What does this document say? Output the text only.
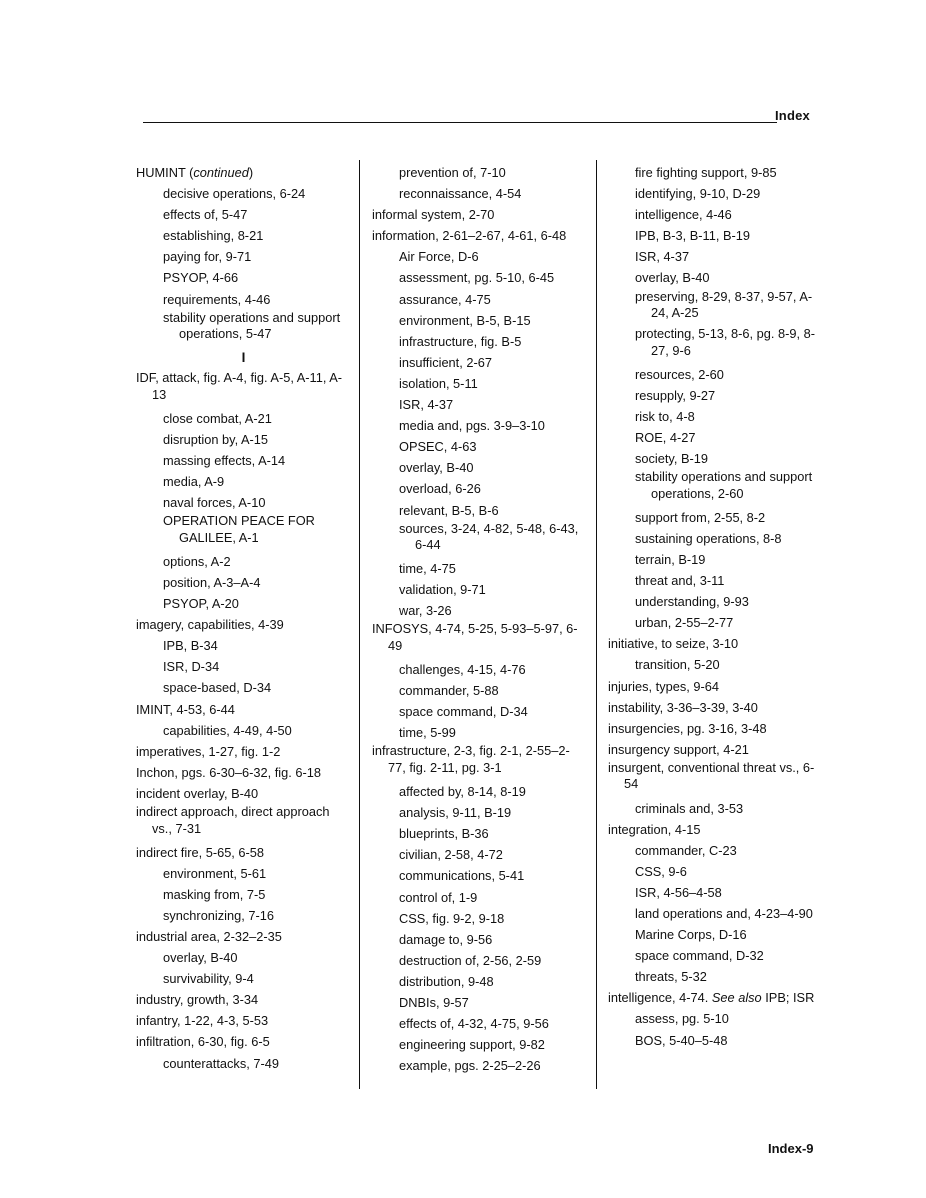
Index
HUMINT (continued)
decisive operations, 6-24
effects of, 5-47
establishing, 8-21
paying for, 9-71
PSYOP, 4-66
requirements, 4-46
stability operations and support operations, 5-47
I
IDF, attack, fig. A-4, fig. A-5, A-11, A-13
close combat, A-21
disruption by, A-15
massing effects, A-14
media, A-9
naval forces, A-10
OPERATION PEACE FOR GALILEE, A-1
options, A-2
position, A-3–A-4
PSYOP, A-20
imagery, capabilities, 4-39
IPB, B-34
ISR, D-34
space-based, D-34
IMINT, 4-53, 6-44
capabilities, 4-49, 4-50
imperatives, 1-27, fig. 1-2
Inchon, pgs. 6-30–6-32, fig. 6-18
incident overlay, B-40
indirect approach, direct approach vs., 7-31
indirect fire, 5-65, 6-58
environment, 5-61
masking from, 7-5
synchronizing, 7-16
industrial area, 2-32–2-35
overlay, B-40
survivability, 9-4
industry, growth, 3-34
infantry, 1-22, 4-3, 5-53
infiltration, 6-30, fig. 6-5
counterattacks, 7-49
prevention of, 7-10
reconnaissance, 4-54
informal system, 2-70
information, 2-61–2-67, 4-61, 6-48
Air Force, D-6
assessment, pg. 5-10, 6-45
assurance, 4-75
environment, B-5, B-15
infrastructure, fig. B-5
insufficient, 2-67
isolation, 5-11
ISR, 4-37
media and, pgs. 3-9–3-10
OPSEC, 4-63
overlay, B-40
overload, 6-26
relevant, B-5, B-6
sources, 3-24, 4-82, 5-48, 6-43, 6-44
time, 4-75
validation, 9-71
war, 3-26
INFOSYS, 4-74, 5-25, 5-93–5-97, 6-49
challenges, 4-15, 4-76
commander, 5-88
space command, D-34
time, 5-99
infrastructure, 2-3, fig. 2-1, 2-55–2-77, fig. 2-11, pg. 3-1
affected by, 8-14, 8-19
analysis, 9-11, B-19
blueprints, B-36
civilian, 2-58, 4-72
communications, 5-41
control of, 1-9
CSS, fig. 9-2, 9-18
damage to, 9-56
destruction of, 2-56, 2-59
distribution, 9-48
DNBIs, 9-57
effects of, 4-32, 4-75, 9-56
engineering support, 9-82
example, pgs. 2-25–2-26
fire fighting support, 9-85
identifying, 9-10, D-29
intelligence, 4-46
IPB, B-3, B-11, B-19
ISR, 4-37
overlay, B-40
preserving, 8-29, 8-37, 9-57, A-24, A-25
protecting, 5-13, 8-6, pg. 8-9, 8-27, 9-6
resources, 2-60
resupply, 9-27
risk to, 4-8
ROE, 4-27
society, B-19
stability operations and support operations, 2-60
support from, 2-55, 8-2
sustaining operations, 8-8
terrain, B-19
threat and, 3-11
understanding, 9-93
urban, 2-55–2-77
initiative, to seize, 3-10
transition, 5-20
injuries, types, 9-64
instability, 3-36–3-39, 3-40
insurgencies, pg. 3-16, 3-48
insurgency support, 4-21
insurgent, conventional threat vs., 6-54
criminals and, 3-53
integration, 4-15
commander, C-23
CSS, 9-6
ISR, 4-56–4-58
land operations and, 4-23–4-90
Marine Corps, D-16
space command, D-32
threats, 5-32
intelligence, 4-74. See also IPB; ISR
assess, pg. 5-10
BOS, 5-40–5-48
Index-9
